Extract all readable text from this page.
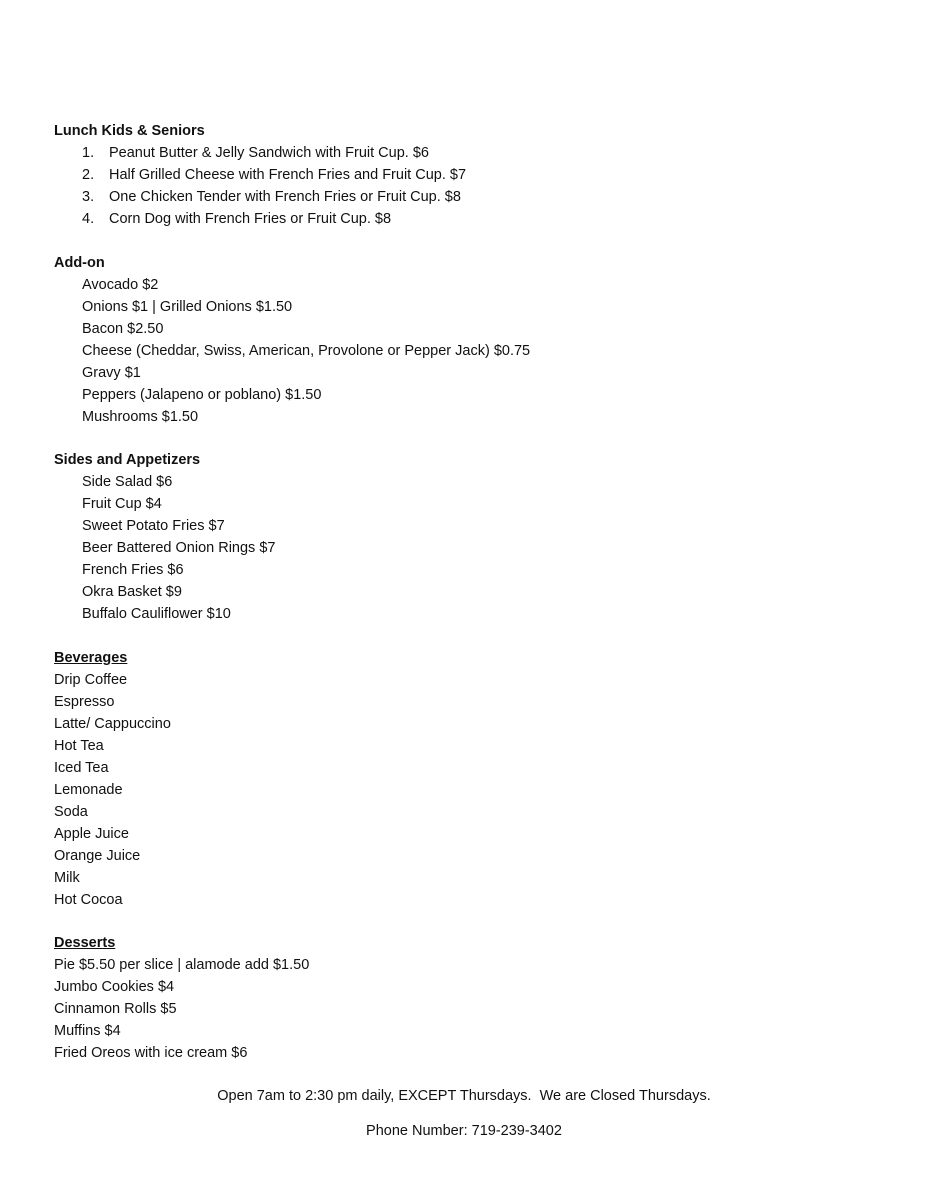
Lunch Kids & Seniors
1. Peanut Butter & Jelly Sandwich with Fruit Cup. $6
2. Half Grilled Cheese with French Fries and Fruit Cup. $7
3. One Chicken Tender with French Fries or Fruit Cup. $8
4. Corn Dog with French Fries or Fruit Cup. $8
Add-on
Avocado $2
Onions $1 | Grilled Onions $1.50
Bacon $2.50
Cheese (Cheddar, Swiss, American, Provolone or Pepper Jack) $0.75
Gravy $1
Peppers (Jalapeno or poblano) $1.50
Mushrooms $1.50
Sides and Appetizers
Side Salad $6
Fruit Cup $4
Sweet Potato Fries $7
Beer Battered Onion Rings $7
French Fries $6
Okra Basket $9
Buffalo Cauliflower $10
Beverages
Drip Coffee
Espresso
Latte/ Cappuccino
Hot Tea
Iced Tea
Lemonade
Soda
Apple Juice
Orange Juice
Milk
Hot Cocoa
Desserts
Pie $5.50 per slice | alamode add $1.50
Jumbo Cookies $4
Cinnamon Rolls $5
Muffins $4
Fried Oreos with ice cream $6
Open 7am to 2:30 pm daily, EXCEPT Thursdays.  We are Closed Thursdays.
Phone Number: 719-239-3402
